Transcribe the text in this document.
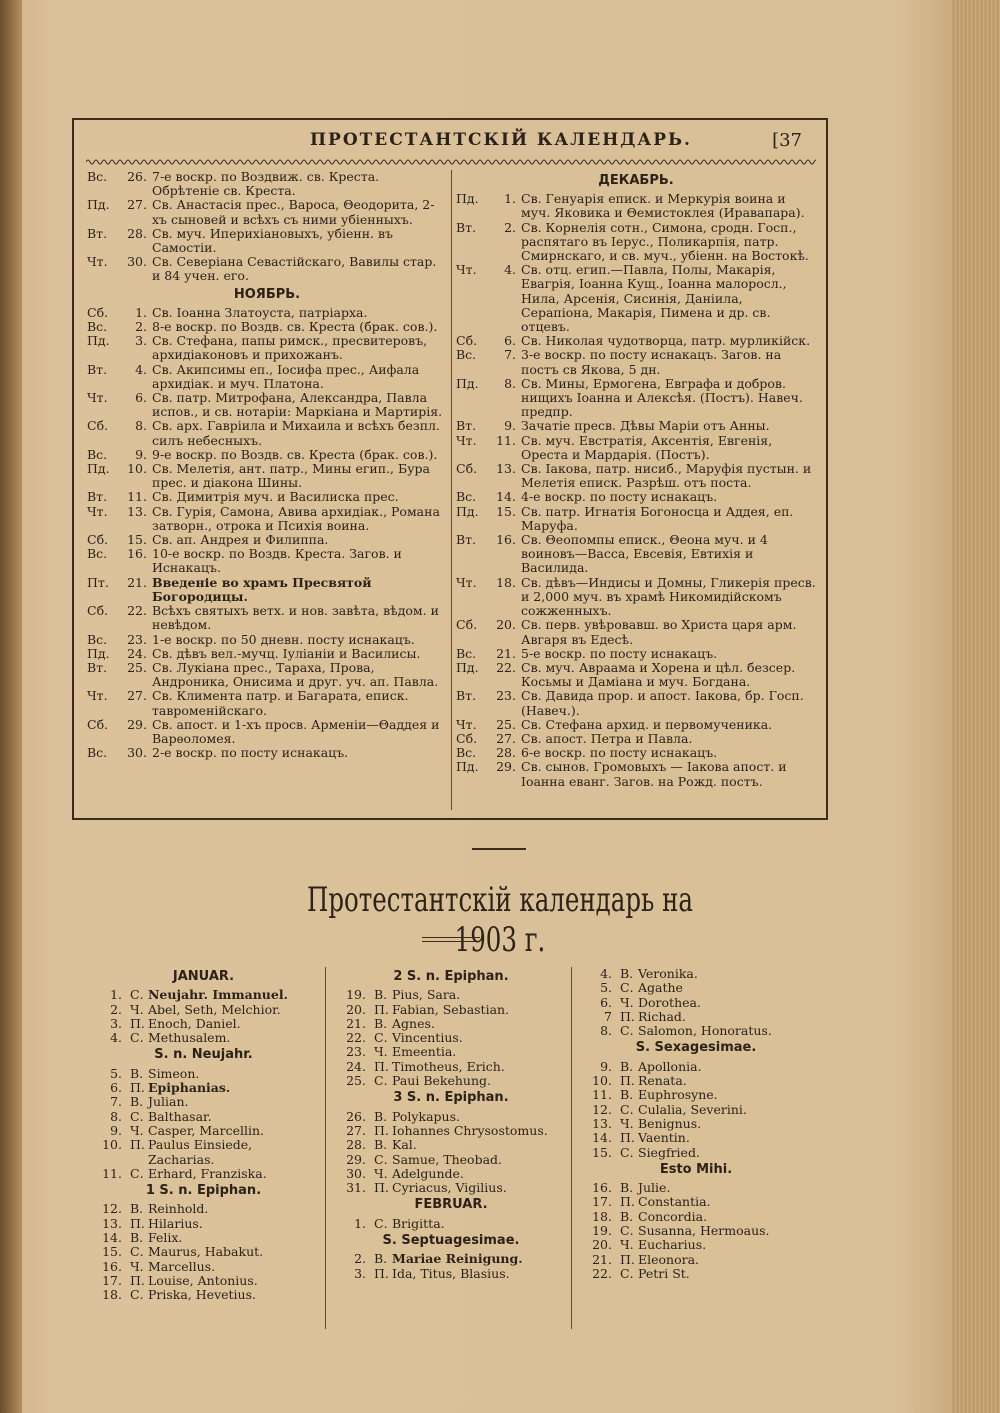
ПРОТЕСТАНТСКIЙ КАЛЕНДАРЬ.	[37
Вс.	26. 7-е воскр. по Воздвиж. св. Креста. Обрѣтеніе св. Креста.
Пд.	27. Св. Анастасія прес., Вароса, Θеодорита, 2-хъ сыновей и всѣхъ съ ними убіенныхъ.
Вт.	28. Св. муч. Иперихіановыхъ, убіенн. въ Самостіи.
Чт.	30. Св. Северіана Севастійскаго, Вавилы стар. и 84 учен. его.
НОЯБРЬ.
Сб.	1. Св. Іоанна Златоуста, патріарха.
Вс.	2. 8-е воскр. по Воздв. св. Креста (брак. сов.).
Пд.	3. Св. Стефана, папы римск., пресвитеровъ, архидіаконовъ и прихожанъ.
Вт.	4. Св. Акипсимы еп., Іосифа прес., Аифала архидіак. и муч. Платона.
Чт.	6. Св. патр. Митрофана, Александра, Павла испов., и св. нотаріи: Маркіана и Мартирія.
Сб.	8. Св. арх. Гавріила и Михаила и всѣхъ безпл. силъ небесныхъ.
Вс.	9. 9-е воскр. по Воздв. св. Креста (брак. сов.).
Пд.	10. Св. Мелетія, ант. патр., Мины егип., Бура прес. и діакона Шины.
Вт.	11. Св. Димитрія муч. и Василиска прес.
Чт.	13. Св. Гурія, Самона, Авива архидіак., Романа затворн., отрока и Психія воина.
Сб.	15. Св. ап. Андрея и Филиппа.
Вс.	16. 10-е воскр. по Воздв. Креста. Загов. и Иснакацъ.
Пт.	21. Введеніе во храмъ Пресвятой Богородицы.
Сб.	22. Всѣхъ святыхъ ветх. и нов. завѣта, вѣдом. и невѣдом.
Вс.	23. 1-е воскр. по 50 дневн. посту иснакацъ.
Пд.	24. Св. дѣвъ вел.-мучц. Іуліаніи и Василисы.
Вт.	25. Св. Лукіана прес., Тараха, Прова, Андроника, Онисима и друг. уч. ап. Павла.
Чт.	27. Св. Климента патр. и Багарата, еписк. тавроменійскаго.
Сб.	29. Св. апост. и 1-хъ просв. Арменіи—Θаддея и Варѳоломея.
Вс.	30. 2-е воскр. по посту иснакацъ.
ДЕКАБРЬ.
Пд.	1. Св. Генуарія еписк. и Меркурія воина и муч. Яковика и Θемистоклея (Иравапара).
Вт.	2. Св. Корнелія сотн., Симона, сродн. Госп., распятаго въ Іерус., Поликарпія, патр. Смирнскаго, и св. муч., убіенн. на Востокѣ.
Чт.	4. Св. отц. егип.—Павла, Полы, Макарія, Евагрія, Іоанна Кущ., Іоанна малоросл., Нила, Арсенія, Сисинія, Даніила, Серапіона, Макарія, Пимена и др. св. отцевъ.
Сб.	6. Св. Николая чудотворца, патр. мурликійск.
Вс.	7. 3-е воскр. по посту иснакацъ. Загов. на постъ св Якова, 5 дн.
Пд.	8. Св. Мины, Ермогена, Евграфа и добров. нищихъ Іоанна и Алексѣя. (Постъ). Навеч. предпр.
Вт.	9. Зачатіе пресв. Дѣвы Маріи отъ Анны.
Чт.	11. Св. муч. Евстратія, Аксентія, Евгенія, Ореста и Мардарія. (Постъ).
Сб.	13. Св. Іакова, патр. нисиб., Маруфія пустын. и Мелетія еписк. Разрѣш. отъ поста.
Вс.	14. 4-е воскр. по посту иснакацъ.
Пд.	15. Св. патр. Игнатія Богоносца и Аддея, еп. Маруфа.
Вт.	16. Св. Θеопомпы еписк., Θеона муч. и 4 воиновъ—Васса, Евсевія, Евтихія и Василида.
Чт.	18. Св. дѣвъ—Индисы и Домны, Гликерія пресв. и 2,000 муч. въ храмѣ Никомидійскомъ сожженныхъ.
Сб.	20. Св. перв. увѣровавш. во Христа царя арм. Авгаря въ Едесѣ.
Вс.	21. 5-е воскр. по посту иснакацъ.
Пд.	22. Св. муч. Авраама и Хорена и цѣл. безсер. Косьмы и Даміана и муч. Богдана.
Вт.	23. Св. Давида прор. и апост. Іакова, бр. Госп. (Навеч.).
Чт.	25. Св. Стефана архид. и первомученика.
Сб.	27. Св. апост. Петра и Павла.
Вс.	28. 6-е воскр. по посту иснакацъ.
Пд.	29. Св. сынов. Громовыхъ — Іакова апост. и Іоанна еванг. Загов. на Рожд. постъ.
Протестантскій календарь на 1903 г.
JANUAR.
1. С. Neujahr. Immanuel.
2. Ч. Abel, Seth, Melchior.
3. П. Enoch, Daniel.
4. С. Methusalem.
S. n. Neujahr.
5. В. Simeon.
6. П. Epiphanias.
7. В. Julian.
8. С. Balthasar.
9. Ч. Casper, Marcellin.
10. П. Paulus Einsiede, Zacharias.
11. С. Erhard, Franziska.
1 S. n. Epiphan.
12. В. Reinhold.
13. П. Hilarius.
14. В. Felix.
15. С. Maurus, Habakut.
16. Ч. Marcellus.
17. П. Louise, Antonius.
18. С. Priska, Hevetius.
2 S. n. Epiphan.
19. В. Pius, Sara.
20. П. Fabian, Sebastian.
21. В. Agnes.
22. С. Vincentius.
23. Ч. Emeentia.
24. П. Timotheus, Erich.
25. С. Paui Bekehung.
3 S. n. Epiphan.
26. В. Polykapus.
27. П. Iohannes Chrysostomus.
28. В. Kal.
29. С. Samue, Theobad.
30. Ч. Adelgunde.
31. П. Cyriacus, Vigilius.
FEBRUAR.
1. С. Brigitta.
S. Septuagesimae.
2. В. Mariae Reinigung.
3. П. Ida, Titus, Blasius.
4. В. Veronika.
5. С. Agathe
6. Ч. Dorothea.
7 П. Richad.
8. С. Salomon, Honoratus.
S. Sexagesimae.
9. В. Apollonia.
10. П. Renata.
11. В. Euphrosyne.
12. С. Culalia, Severini.
13. Ч. Benignus.
14. П. Vaentin.
15. С. Siegfried.
Esto Mihi.
16. В. Julie.
17. П. Constantia.
18. В. Concordia.
19. С. Susanna, Hermoaus.
20. Ч. Eucharius.
21. П. Eleonora.
22. С. Petri St.
